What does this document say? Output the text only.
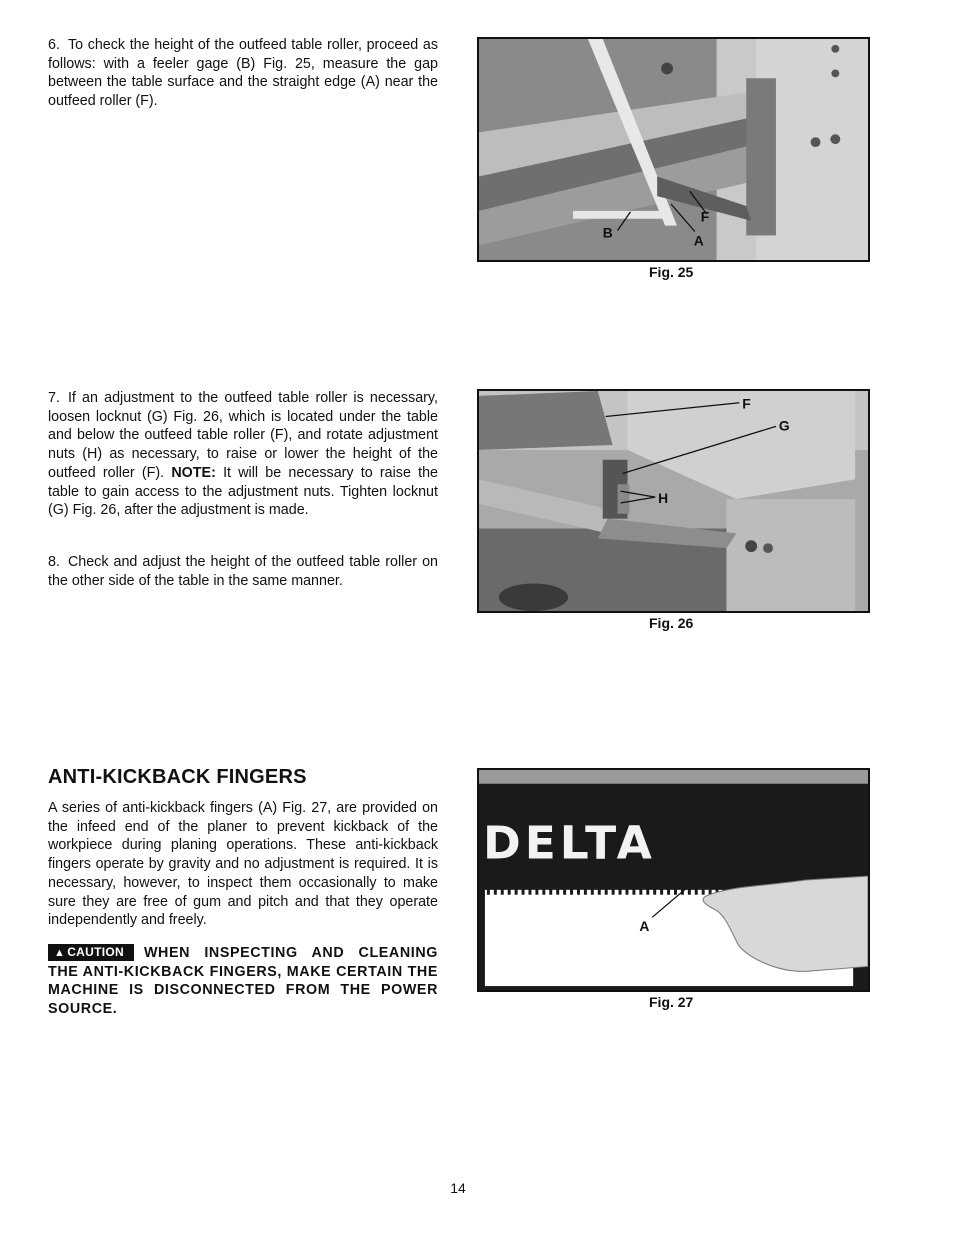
6. To check the height of the outfeed table roller, proceed as follows: with a feeler gage (B) Fig. 25, measure the gap between the table surface and the straight edge (A) near the outfeed roller (F).

B
A
F
Fig. 25

7. If an adjustment to the outfeed table roller is necessary, loosen locknut (G) Fig. 26, which is located under the table and below the outfeed table roller (F), and rotate adjustment nuts (H) as necessary, to raise or lower the height of the outfeed roller (F). NOTE: It will be necessary to raise the table to gain access to the adjustment nuts. Tighten locknut (G) Fig. 26, after the adjustment is made.

8. Check and adjust the height of the outfeed table roller on the other side of the table in the same manner.

F
G
H
Fig. 26
ANTI-KICKBACK FINGERS

A series of anti-kickback fingers (A) Fig. 27, are provided on the infeed end of the planer to prevent kickback of the workpiece during planing operations. These anti-kickback fingers operate by gravity and no adjustment is required. It is necessary, however, to inspect them occasionally to make sure they are free of gum and pitch and that they operate independently and freely.

▲ CAUTION WHEN INSPECTING AND CLEANING THE ANTI-KICKBACK FINGERS, MAKE CERTAIN THE MACHINE IS DISCONNECTED FROM THE POWER SOURCE.
DELTA
A
Fig. 27
14
